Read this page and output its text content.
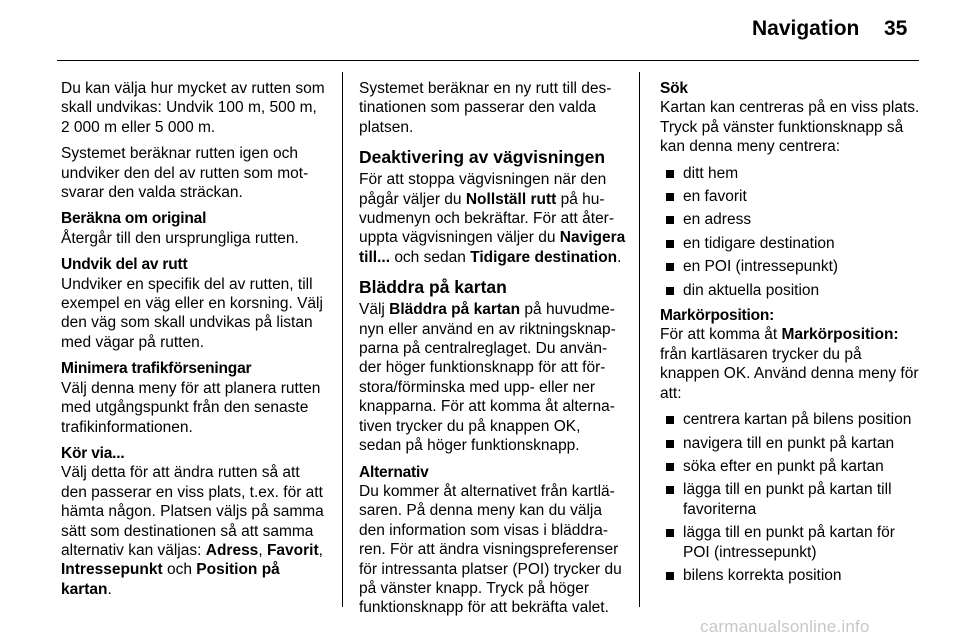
Navigation 35

Du kan välja hur mycket av rutten som skall undvikas: Undvik 100 m, 500 m, 2 000 m eller 5 000 m.

Systemet beräknar rutten igen och undviker den del av rutten som mot- svarar den valda sträckan.

Beräkna om original
Återgår till den ursprungliga rutten.

Undvik del av rutt
Undviker en specifik del av rutten, till exempel en väg eller en korsning. Välj den väg som skall undvikas på listan med vägar på rutten.

Minimera trafikförseningar
Välj denna meny för att planera rutten med utgångspunkt från den senaste trafikinformationen.

Kör via...
Välj detta för att ändra rutten så att den passerar en viss plats, t.ex. för att hämta någon. Platsen väljs på samma sätt som destinationen så att samma alternativ kan väljas: Adress, Favorit, Intressepunkt och Position på kartan.

Systemet beräknar en ny rutt till des- tinationen som passerar den valda platsen.

Deaktivering av vägvisningen

För att stoppa vägvisningen när den pågår väljer du Nollställ rutt på hu- vudmenyn och bekräftar. För att åter- uppta vägvisningen väljer du Navigera till... och sedan Tidigare destination.

Bläddra på kartan

Välj Bläddra på kartan på huvudme- nyn eller använd en av riktningsknap- parna på centralreglaget. Du använ- der höger funktionsknapp för att för- stora/förminska med upp- eller ner knapparna. För att komma åt alterna- tiven trycker du på knappen OK, sedan på höger funktionsknapp.

Alternativ
Du kommer åt alternativet från kartlä- saren. På denna meny kan du välja den information som visas i bläddra- ren. För att ändra visningspreferenser för intressanta platser (POI) trycker du på vänster knapp. Tryck på höger funktionsknapp för att bekräfta valet.

Sök
Kartan kan centreras på en viss plats. Tryck på vänster funktionsknapp så kan denna meny centrera:

ditt hem
en favorit
en adress
en tidigare destination
en POI (intressepunkt)
din aktuella position

Markörposition:
För att komma åt Markörposition: från kartläsaren trycker du på knappen OK. Använd denna meny för att:

centrera kartan på bilens position
navigera till en punkt på kartan
söka efter en punkt på kartan
lägga till en punkt på kartan till favoriterna
lägga till en punkt på kartan för POI (intressepunkt)
bilens korrekta position
carmanualsonline.info
